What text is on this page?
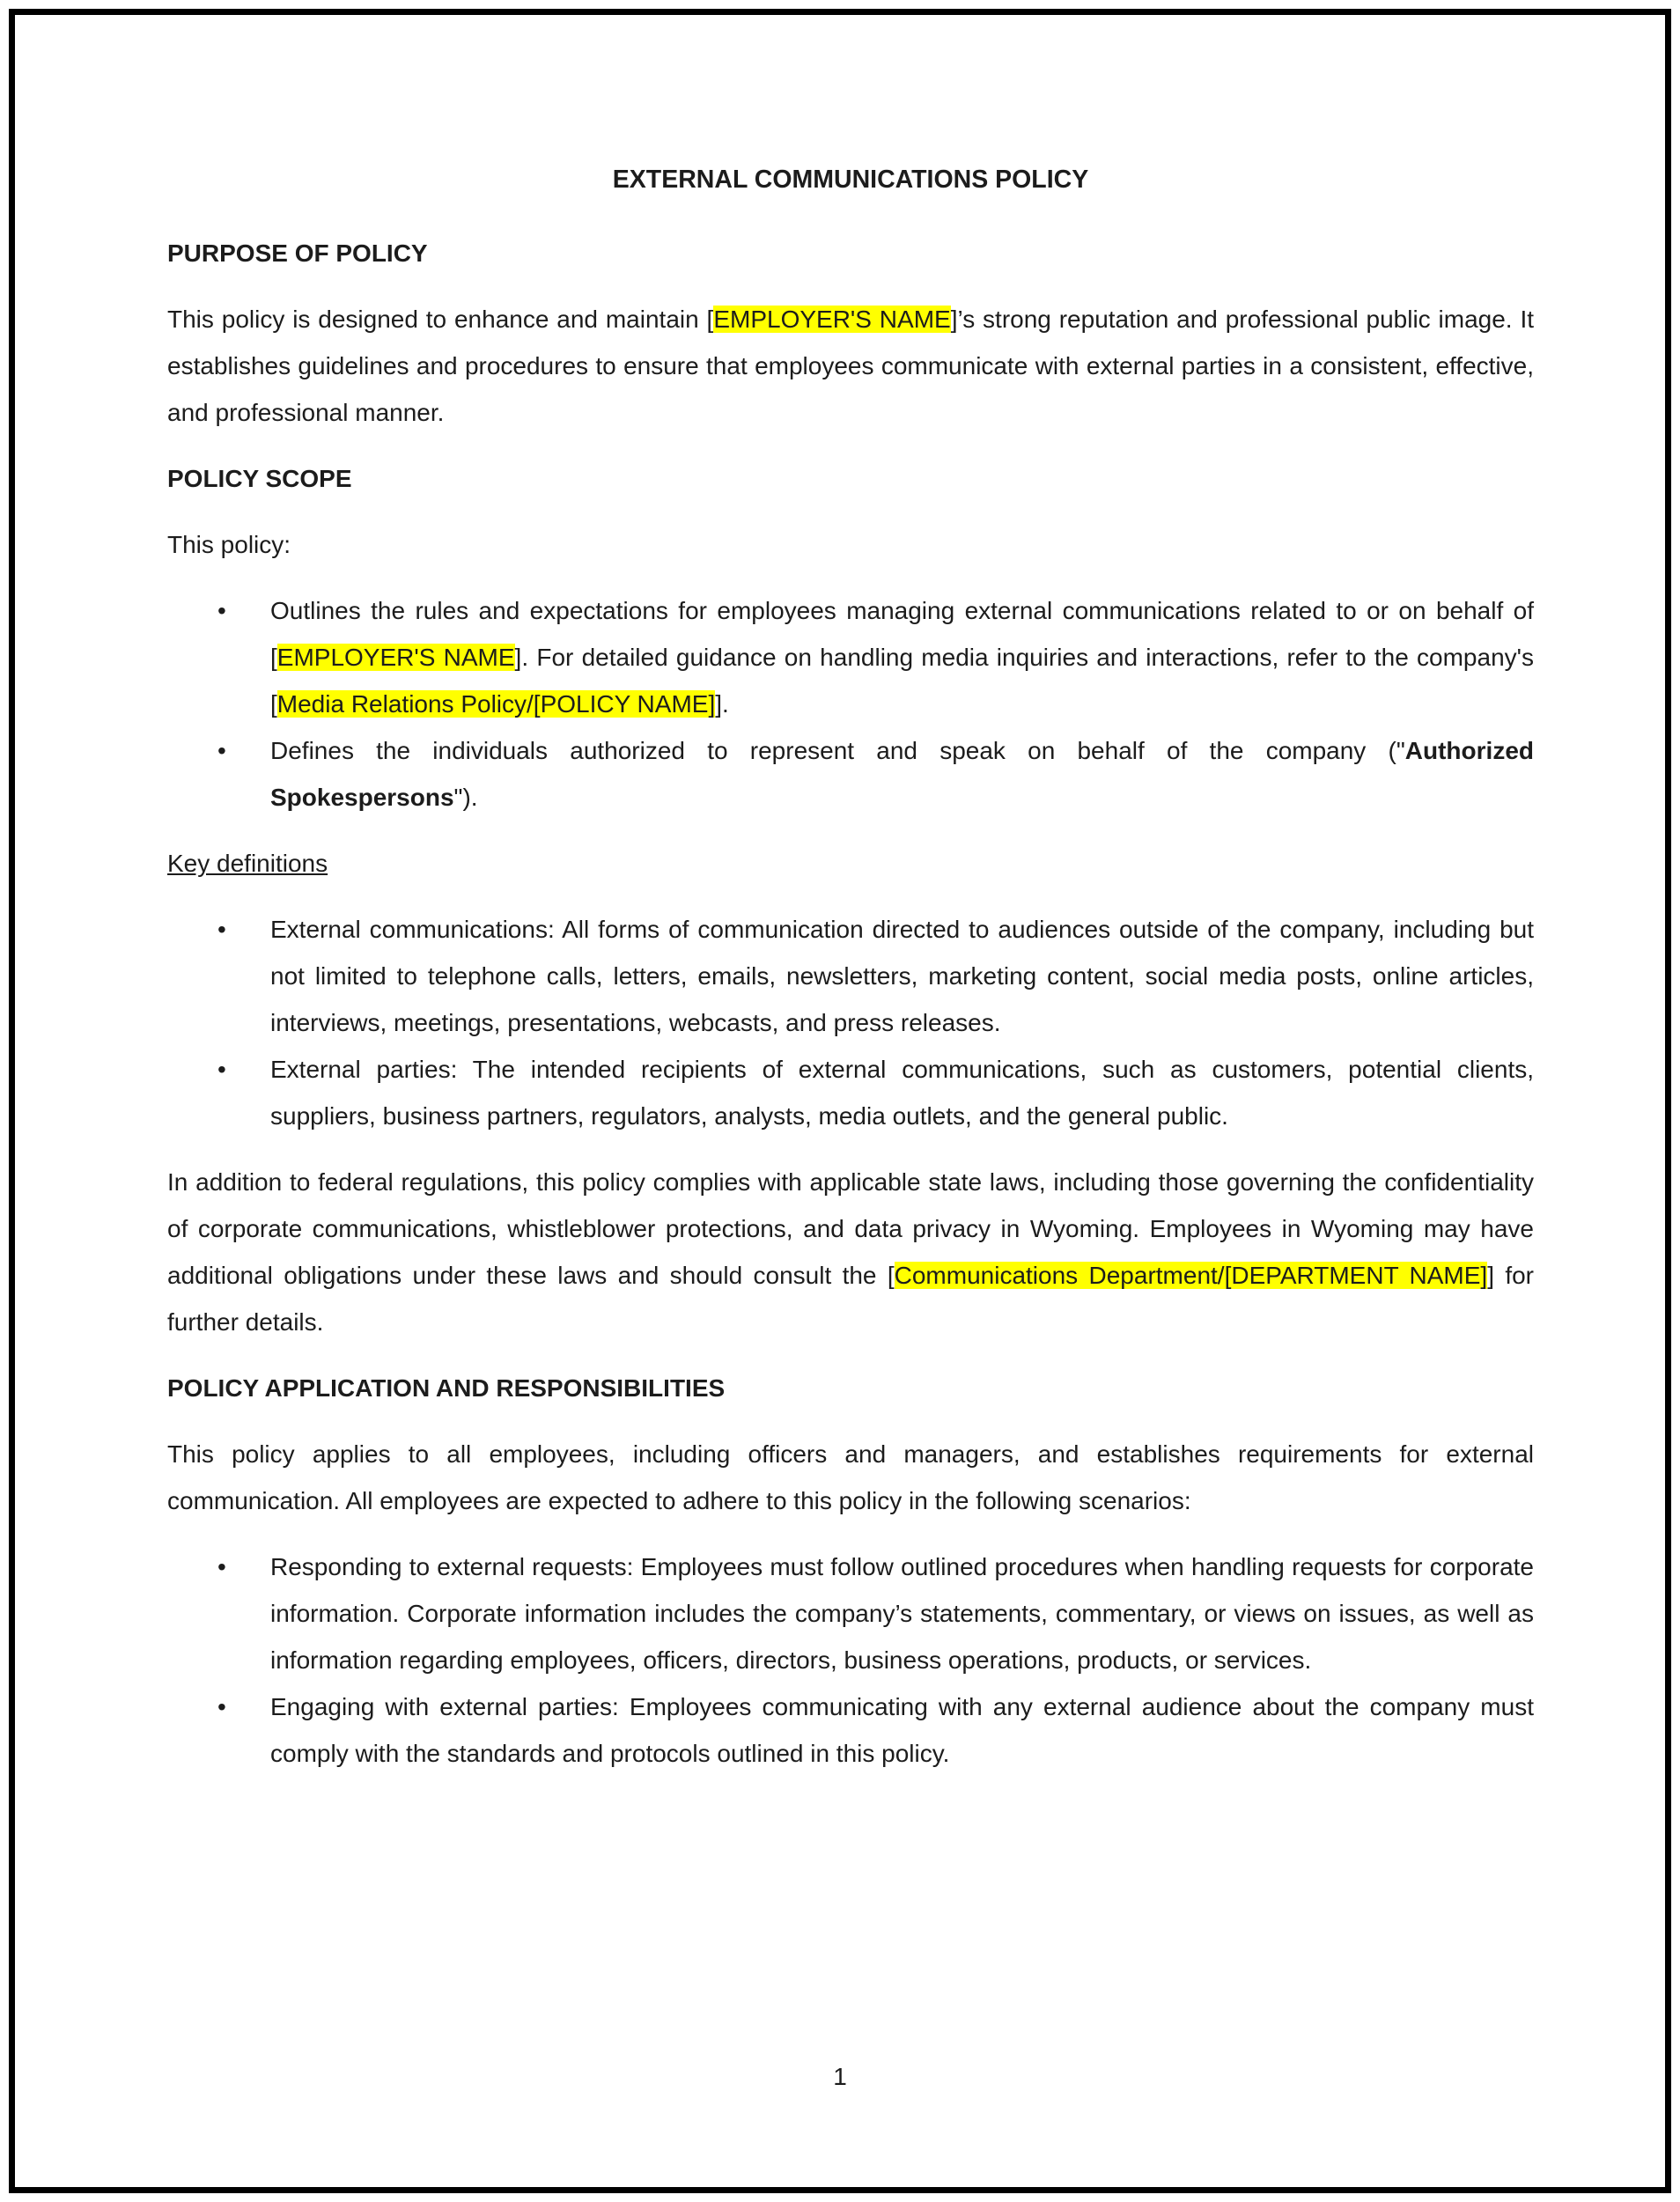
EXTERNAL COMMUNICATIONS POLICY
PURPOSE OF POLICY

This policy is designed to enhance and maintain [EMPLOYER'S NAME]’s strong reputation and professional public image. It establishes guidelines and procedures to ensure that employees communicate with external parties in a consistent, effective, and professional manner.

POLICY SCOPE

This policy:

• Outlines the rules and expectations for employees managing external communications related to or on behalf of [EMPLOYER'S NAME]. For detailed guidance on handling media inquiries and interactions, refer to the company's [Media Relations Policy/[POLICY NAME]].
• Defines the individuals authorized to represent and speak on behalf of the company ("Authorized Spokespersons").
Key definitions
• External communications: All forms of communication directed to audiences outside of the company, including but not limited to telephone calls, letters, emails, newsletters, marketing content, social media posts, online articles, interviews, meetings, presentations, webcasts, and press releases.
• External parties: The intended recipients of external communications, such as customers, potential clients, suppliers, business partners, regulators, analysts, media outlets, and the general public.

In addition to federal regulations, this policy complies with applicable state laws, including those governing the confidentiality of corporate communications, whistleblower protections, and data privacy in Wyoming. Employees in Wyoming may have additional obligations under these laws and should consult the [Communications Department/[DEPARTMENT NAME]] for further details.

POLICY APPLICATION AND RESPONSIBILITIES

This policy applies to all employees, including officers and managers, and establishes requirements for external communication. All employees are expected to adhere to this policy in the following scenarios:

• Responding to external requests: Employees must follow outlined procedures when handling requests for corporate information. Corporate information includes the company’s statements, commentary, or views on issues, as well as information regarding employees, officers, directors, business operations, products, or services.
• Engaging with external parties: Employees communicating with any external audience about the company must comply with the standards and protocols outlined in this policy.
1
